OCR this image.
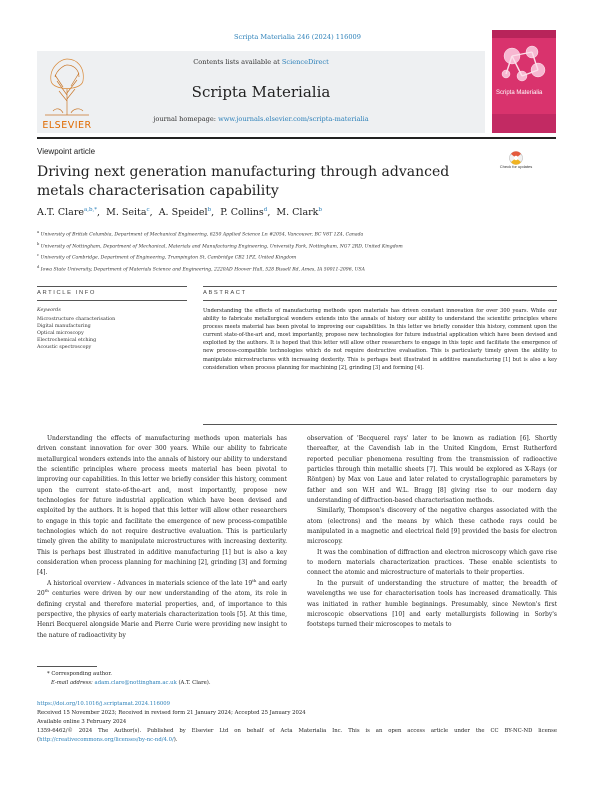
Scripta Materialia 246 (2024) 116009
ELSEVIER
Contents lists available at ScienceDirect
Scripta Materialia
journal homepage: www.journals.elsevier.com/scripta-materialia
Scripta Materialia
Viewpoint article
Check for updates
Driving next generation manufacturing through advanced metals characterisation capability
A.T. Clare$^{a,b,*}$,  M. Seita$^c$,  A. Speidel$^b$,  P. Collins$^d$,  M. Clark$^b$
$^a$ University of British Columbia, Department of Mechanical Engineering, 6250 Applied Science Ln #2054, Vancouver, BC V6T 1Z4, Canada
$^b$ University of Nottingham, Department of Mechanical, Materials and Manufacturing Engineering, University Park, Nottingham, NG7 2RD, United Kingdom
$^c$ University of Cambridge, Department of Engineering, Trumpington St, Cambridge CB2 1PZ, United Kingdom
$^d$ Iowa State University, Department of Materials Science and Engineering, 2220AD Hoover Hall, 528 Bissell Rd, Ames, IA 50011-2096, USA
ARTICLE INFO
Keywords
Microstructure characterisation
Digital manufacturing
Optical microscopy
Electrochemical etching
Acoustic spectroscopy
ABSTRACT
Understanding the effects of manufacturing methods upon materials has driven constant innovation for over 300 years. While our ability to fabricate metallurgical wonders extends into the annals of history our ability to understand the scientific principles where process meets material has been pivotal to improving our capabilities. In this letter we briefly consider this history, comment upon the current state-of-the-art and, most importantly, propose new technologies for future industrial application which have been devised and exploited by the authors. It is hoped that this letter will allow other researchers to engage in this topic and facilitate the emergence of new process-compatible technologies which do not require destructive evaluation. This is particularly timely given the ability to manipulate microstructures with increasing dexterity. This is perhaps best illustrated in additive manufacturing [1] but is also a key consideration when process planning for machining [2], grinding [3] and forming [4].

Understanding the effects of manufacturing methods upon materials has driven constant innovation for over 300 years. While our ability to fabricate metallurgical wonders extends into the annals of history our ability to understand the scientific principles where process meets material has been pivotal to improving our capabilities. In this letter we briefly consider this history, comment upon the current state-of-the-art and, most importantly, propose new technologies for future industrial application which have been devised and exploited by the authors. It is hoped that this letter will allow other researchers to engage in this topic and facilitate the emergence of new process-compatible technologies which do not require destructive evaluation. This is particularly timely given the ability to manipulate microstructures with increasing dexterity. This is perhaps best illustrated in additive manufacturing [1] but is also a key consideration when process planning for machining [2], grinding [3] and forming [4].

A historical overview - Advances in materials science of the late 19th and early 20th centuries were driven by our new understanding of the atom, its role in defining crystal and therefore material properties, and, of importance to this perspective, the physics of early materials characterization tools [5]. At this time, Henri Becquerel alongside Marie and Pierre Curie were providing new insight to the nature of radioactivity by

observation of 'Becquerel rays' later to be known as radiation [6]. Shortly thereafter, at the Cavendish lab in the United Kingdom, Ernst Rutherford reported peculiar phenomena resulting from the transmission of radioactive particles through thin metallic sheets [7]. This would be explored as X-Rays (or Röntgen) by Max von Laue and later related to crystallographic parameters by father and son W.H and W.L. Bragg [8] giving rise to our modern day understanding of diffraction-based characterisation methods.

Similarly, Thompson's discovery of the negative charges associated with the atom (electrons) and the means by which these cathode rays could be manipulated in a magnetic and electrical field [9] provided the basis for electron microscopy.

It was the combination of diffraction and electron microscopy which gave rise to modern materials characterization practices. These enable scientists to connect the atomic and microstructure of materials to their properties.

In the pursuit of understanding the structure of matter, the breadth of wavelengths we use for characterisation tools has increased dramatically. This was initiated in rather humble beginnings. Presumably, since Newton's first microscopic observations [10] and early metallurgists following in Sorby's footsteps turned their microscopes to metals to

* Corresponding author.
E-mail address: adam.clare@nottingham.ac.uk (A.T. Clare).
https://doi.org/10.1016/j.scriptamat.2024.116009
Received 15 November 2023; Received in revised form 21 January 2024; Accepted 25 January 2024
Available online 3 February 2024
1359-6462/© 2024 The Author(s). Published by Elsevier Ltd on behalf of Acta Materialia Inc. This is an open access article under the CC BY-NC-ND license (http://creativecommons.org/licenses/by-nc-nd/4.0/).
